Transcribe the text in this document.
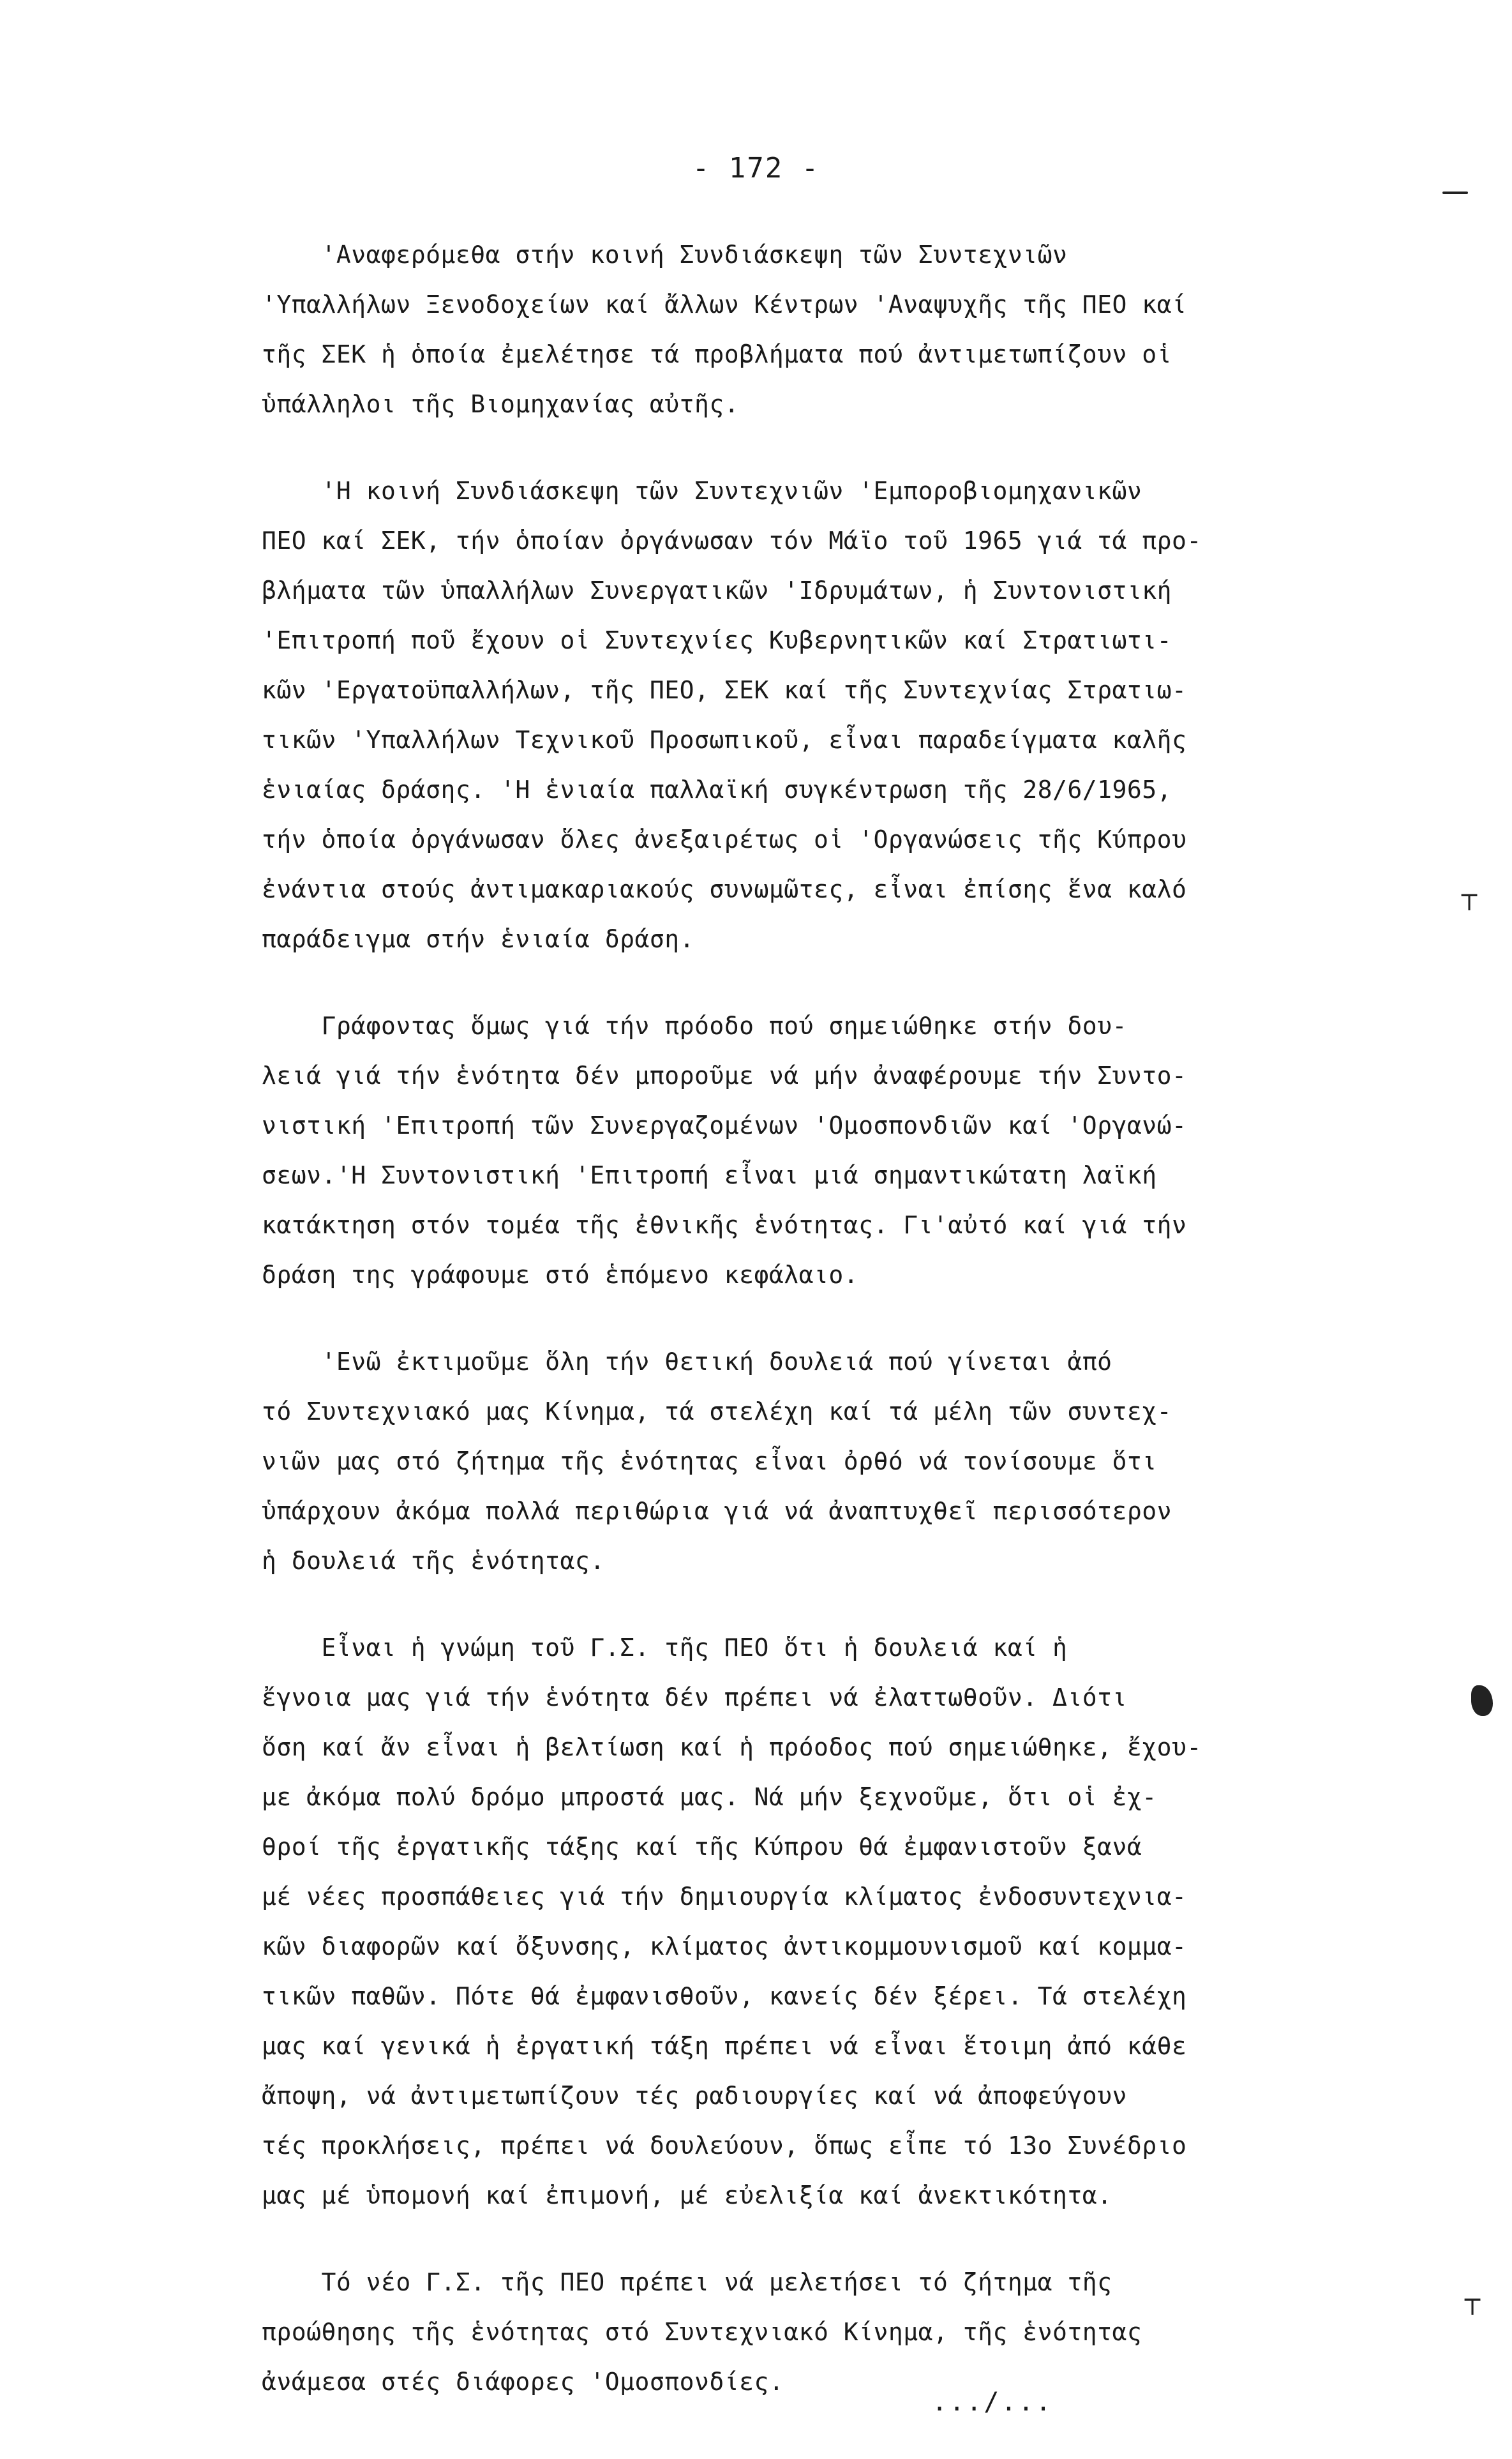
- 172 -
'Αναφερόμεθα στήν κοινή Συνδιάσκεψη τῶν Συντεχνιῶν
'Υπαλλήλων Ξενοδοχείων καί ἄλλων Κέντρων 'Αναψυχῆς τῆς ΠΕΟ καί
τῆς ΣΕΚ ἡ ὁποία ἐμελέτησε τά προβλήματα πού ἀντιμετωπίζουν οἱ
ὑπάλληλοι τῆς Βιομηχανίας αὐτῆς.
'Η κοινή Συνδιάσκεψη τῶν Συντεχνιῶν 'Εμποροβιομηχανικῶν
ΠΕΟ καί ΣΕΚ, τήν ὁποίαν ὀργάνωσαν τόν Μάϊο τοῦ 1965 γιά τά προ-
βλήματα τῶν ὑπαλλήλων Συνεργατικῶν 'Ιδρυμάτων, ἡ Συντονιστική
'Επιτροπή ποῦ ἔχουν οἱ Συντεχνίες Κυβερνητικῶν καί Στρατιωτι-
κῶν 'Εργατοϋπαλλήλων, τῆς ΠΕΟ, ΣΕΚ καί τῆς Συντεχνίας Στρατιω-
τικῶν 'Υπαλλήλων Τεχνικοῦ Προσωπικοῦ, εἶναι παραδείγματα καλῆς
ἑνιαίας δράσης. 'Η ἑνιαία παλλαϊκή συγκέντρωση τῆς 28/6/1965,
τήν ὁποία ὀργάνωσαν ὅλες ἀνεξαιρέτως οἱ 'Οργανώσεις τῆς Κύπρου
ἐνάντια στούς ἀντιμακαριακούς συνωμῶτες, εἶναι ἐπίσης ἕνα καλό
παράδειγμα στήν ἑνιαία δράση.
Γράφοντας ὅμως γιά τήν πρόοδο πού σημειώθηκε στήν δου-
λειά γιά τήν ἑνότητα δέν μποροῦμε νά μήν ἀναφέρουμε τήν Συντο-
νιστική 'Επιτροπή τῶν Συνεργαζομένων 'Ομοσπονδιῶν καί 'Οργανώ-
σεων.'Η Συντονιστική 'Επιτροπή εἶναι μιά σημαντικώτατη λαϊκή
κατάκτηση στόν τομέα τῆς ἐθνικῆς ἑνότητας. Γι'αὐτό καί γιά τήν
δράση της γράφουμε στό ἑπόμενο κεφάλαιο.
'Ενῶ ἐκτιμοῦμε ὅλη τήν θετική δουλειά πού γίνεται ἀπό
τό Συντεχνιακό μας Κίνημα, τά στελέχη καί τά μέλη τῶν συντεχ-
νιῶν μας στό ζήτημα τῆς ἑνότητας εἶναι ὀρθό νά τονίσουμε ὅτι
ὑπάρχουν ἀκόμα πολλά περιθώρια γιά νά ἀναπτυχθεῖ περισσότερον
ἡ δουλειά τῆς ἑνότητας.
Εἶναι ἡ γνώμη τοῦ Γ.Σ. τῆς ΠΕΟ ὅτι ἡ δουλειά καί ἡ
ἔγνοια μας γιά τήν ἑνότητα δέν πρέπει νά ἐλαττωθοῦν. Διότι
ὅση καί ἄν εἶναι ἡ βελτίωση καί ἡ πρόοδος πού σημειώθηκε, ἔχου-
με ἀκόμα πολύ δρόμο μπροστά μας. Νά μήν ξεχνοῦμε, ὅτι οἱ ἐχ-
θροί τῆς ἐργατικῆς τάξης καί τῆς Κύπρου θά ἐμφανιστοῦν ξανά
μέ νέες προσπάθειες γιά τήν δημιουργία κλίματος ἐνδοσυντεχνια-
κῶν διαφορῶν καί ὄξυνσης, κλίματος ἀντικομμουνισμοῦ καί κομμα-
τικῶν παθῶν. Πότε θά ἐμφανισθοῦν, κανείς δέν ξέρει. Τά στελέχη
μας καί γενικά ἡ ἐργατική τάξη πρέπει νά εἶναι ἕτοιμη ἀπό κάθε
ἄποψη, νά ἀντιμετωπίζουν τές ραδιουργίες καί νά ἀποφεύγουν
τές προκλήσεις, πρέπει νά δουλεύουν, ὅπως εἶπε τό 13ο Συνέδριο
μας μέ ὑπομονή καί ἐπιμονή, μέ εὐελιξία καί ἀνεκτικότητα.
Τό νέο Γ.Σ. τῆς ΠΕΟ πρέπει νά μελετήσει τό ζήτημα τῆς
προώθησης τῆς ἑνότητας στό Συντεχνιακό Κίνημα, τῆς ἑνότητας
ἀνάμεσα στές διάφορες 'Ομοσπονδίες.
.../...
┬
┬
